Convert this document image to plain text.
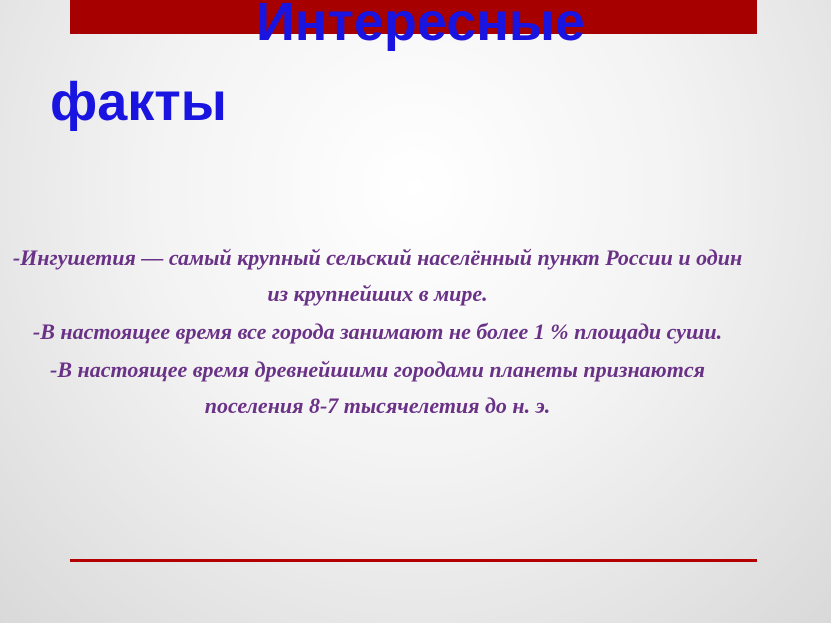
Интересные
факты

-Ингушетия — самый крупный сельский населённый пункт России и один из крупнейших в мире.

-В настоящее время все города занимают не более 1 % площади суши.

-В настоящее время древнейшими городами планеты признаются поселения 8-7 тысячелетия до н. э.
